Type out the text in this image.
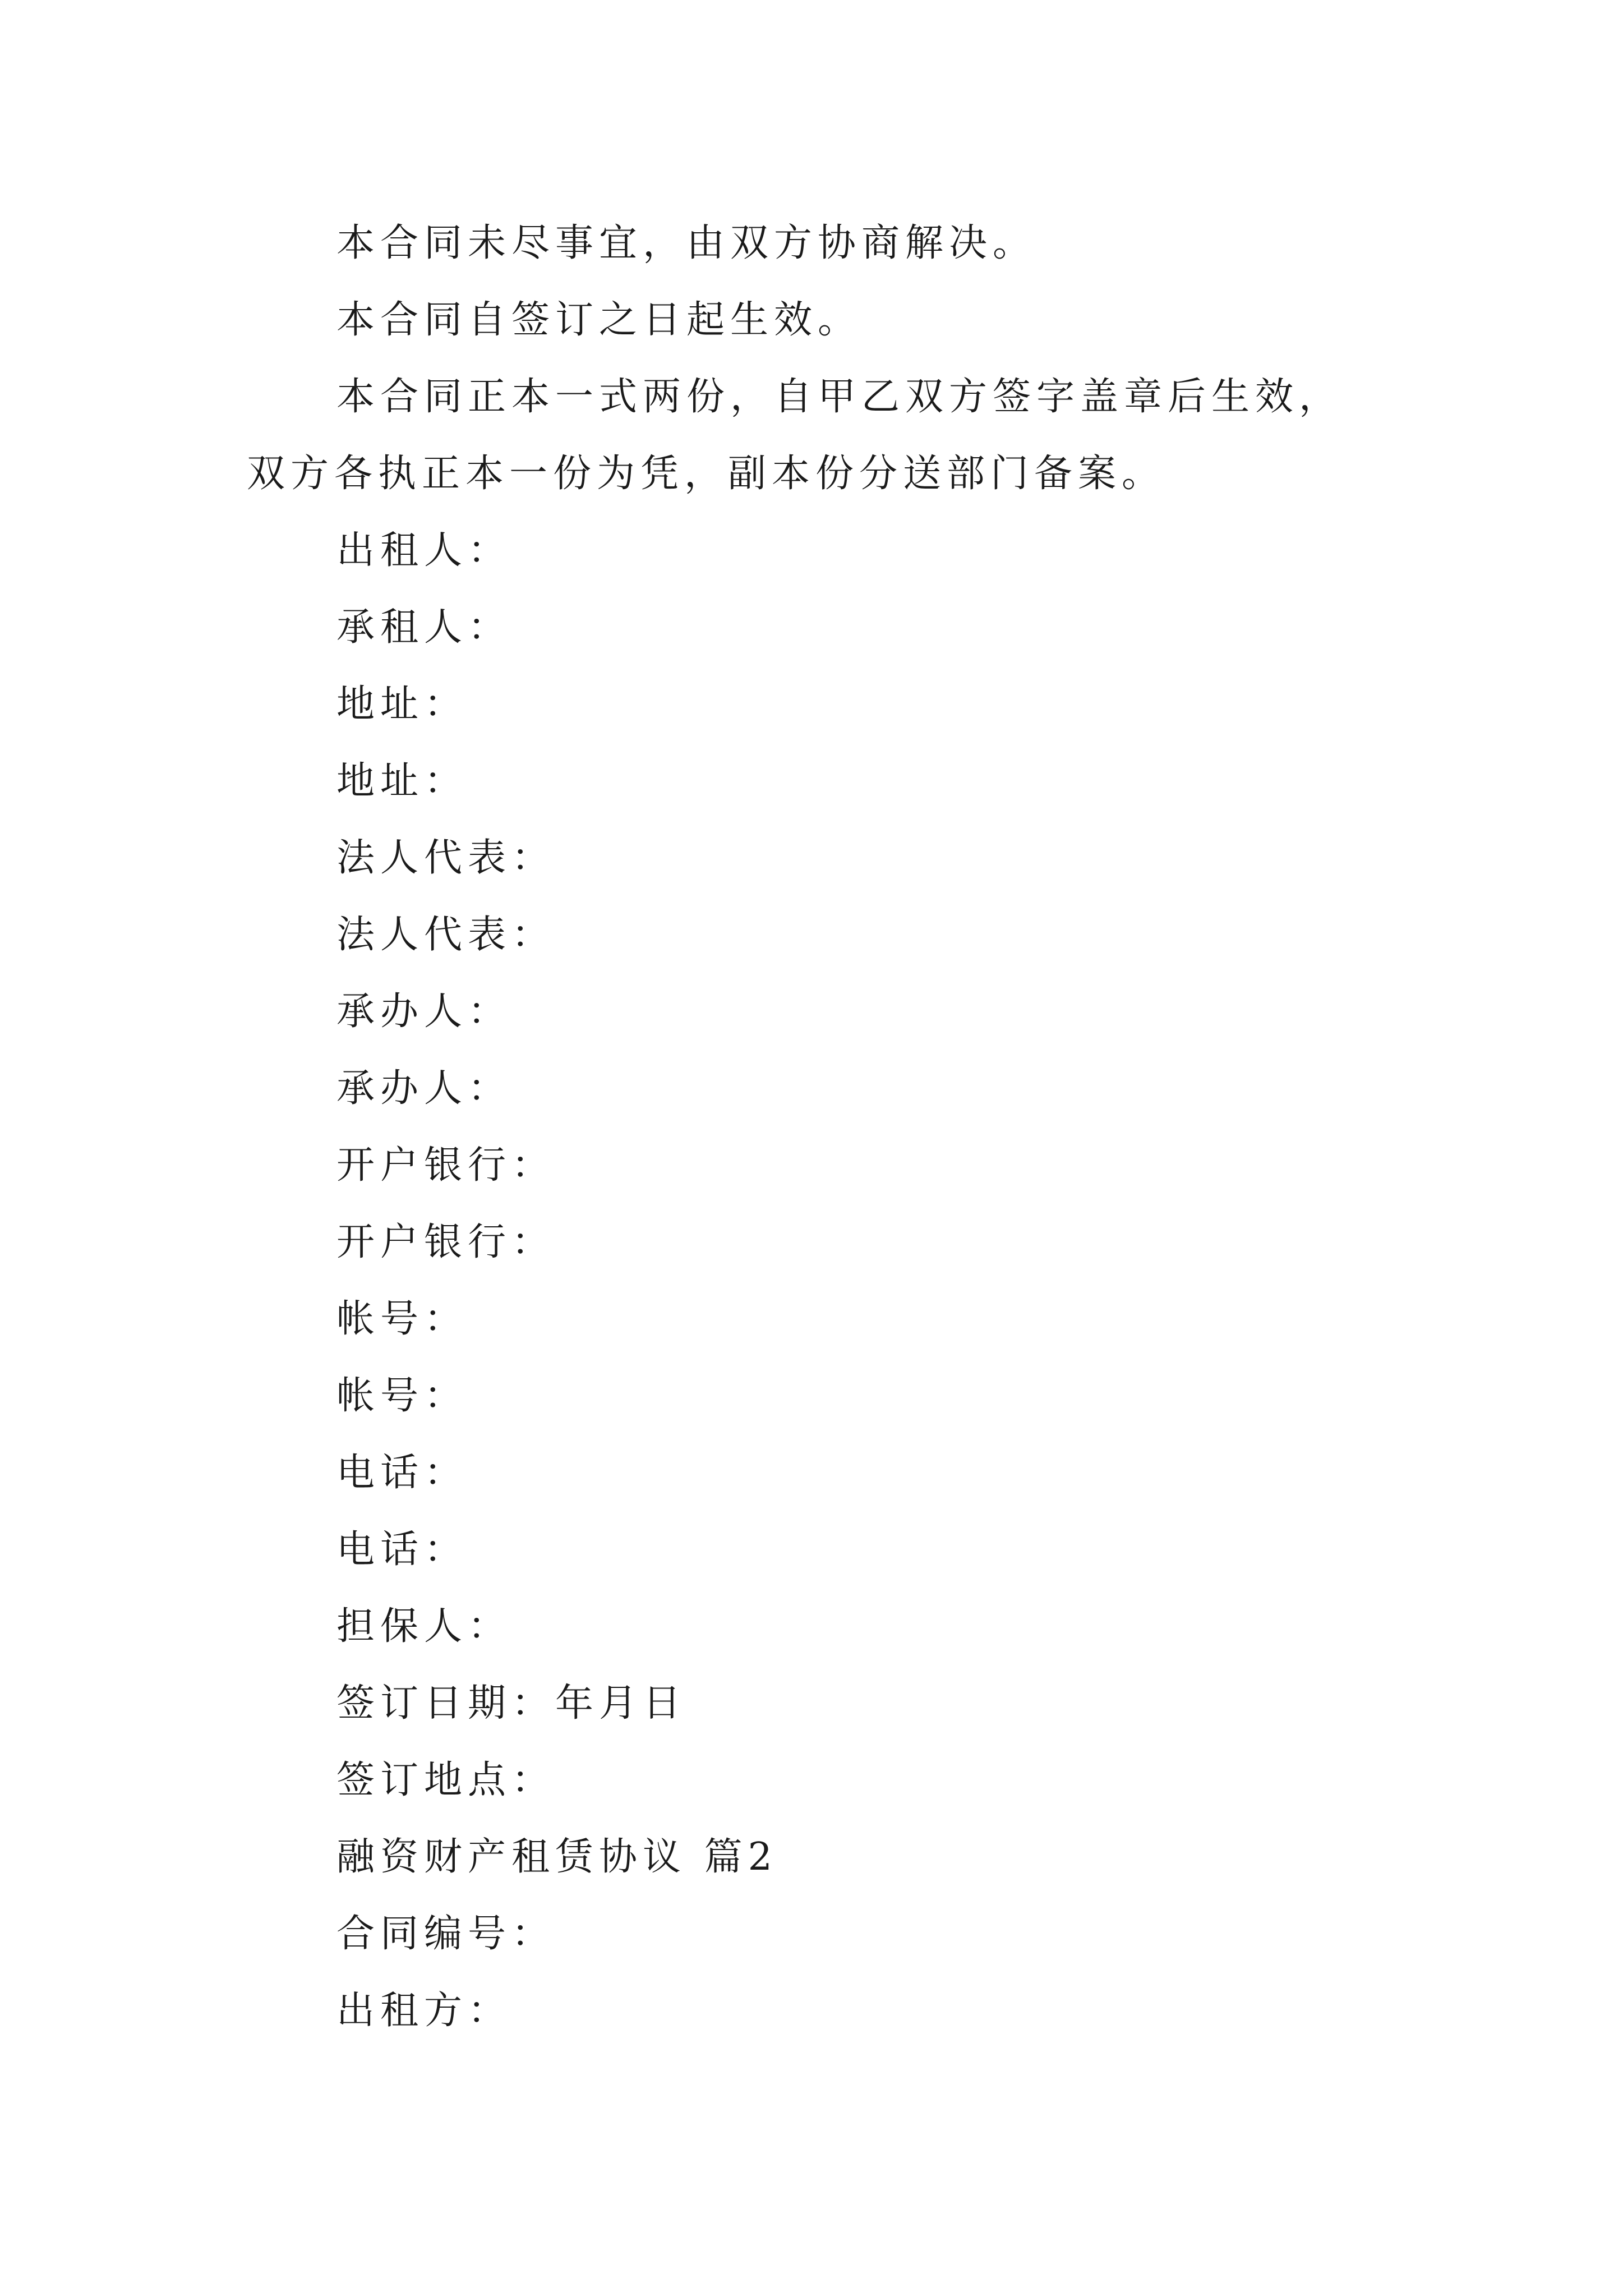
本合同未尽事宜，由双方协商解决。

本合同自签订之日起生效。

本合同正本一式两份，自甲乙双方签字盖章后生效，双方各执正本一份为凭，副本份分送部门备案。

出租人：

承租人：

地址：

地址：

法人代表：

法人代表：

承办人：

承办人：

开户银行：

开户银行：

帐号：

帐号：

电话：

电话：

担保人：

签订日期：年月日

签订地点：

融资财产租赁协议 篇2

合同编号：

出租方：
